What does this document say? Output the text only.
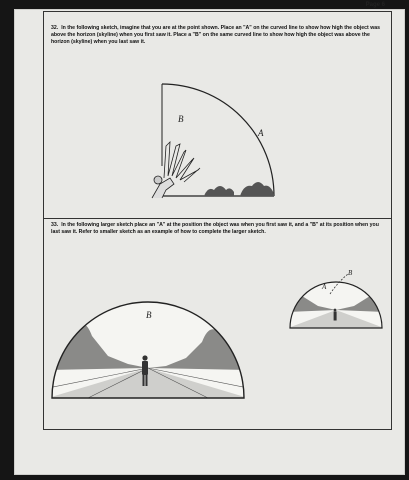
Page 6
32. In the following sketch, imagine that you are at the point shown. Place an "A" on the curved line to show how high the object was above the horizon (skyline) when you first saw it. Place a "B" on the same curved line to show how high the object was above the horizon (skyline) when you last saw it.
B
A
33. In the following larger sketch place an "A" at the position the object was when you first saw it, and a "B" at its position when you last saw it. Refer to smaller sketch as an example of how to complete the larger sketch.
B
A
B
